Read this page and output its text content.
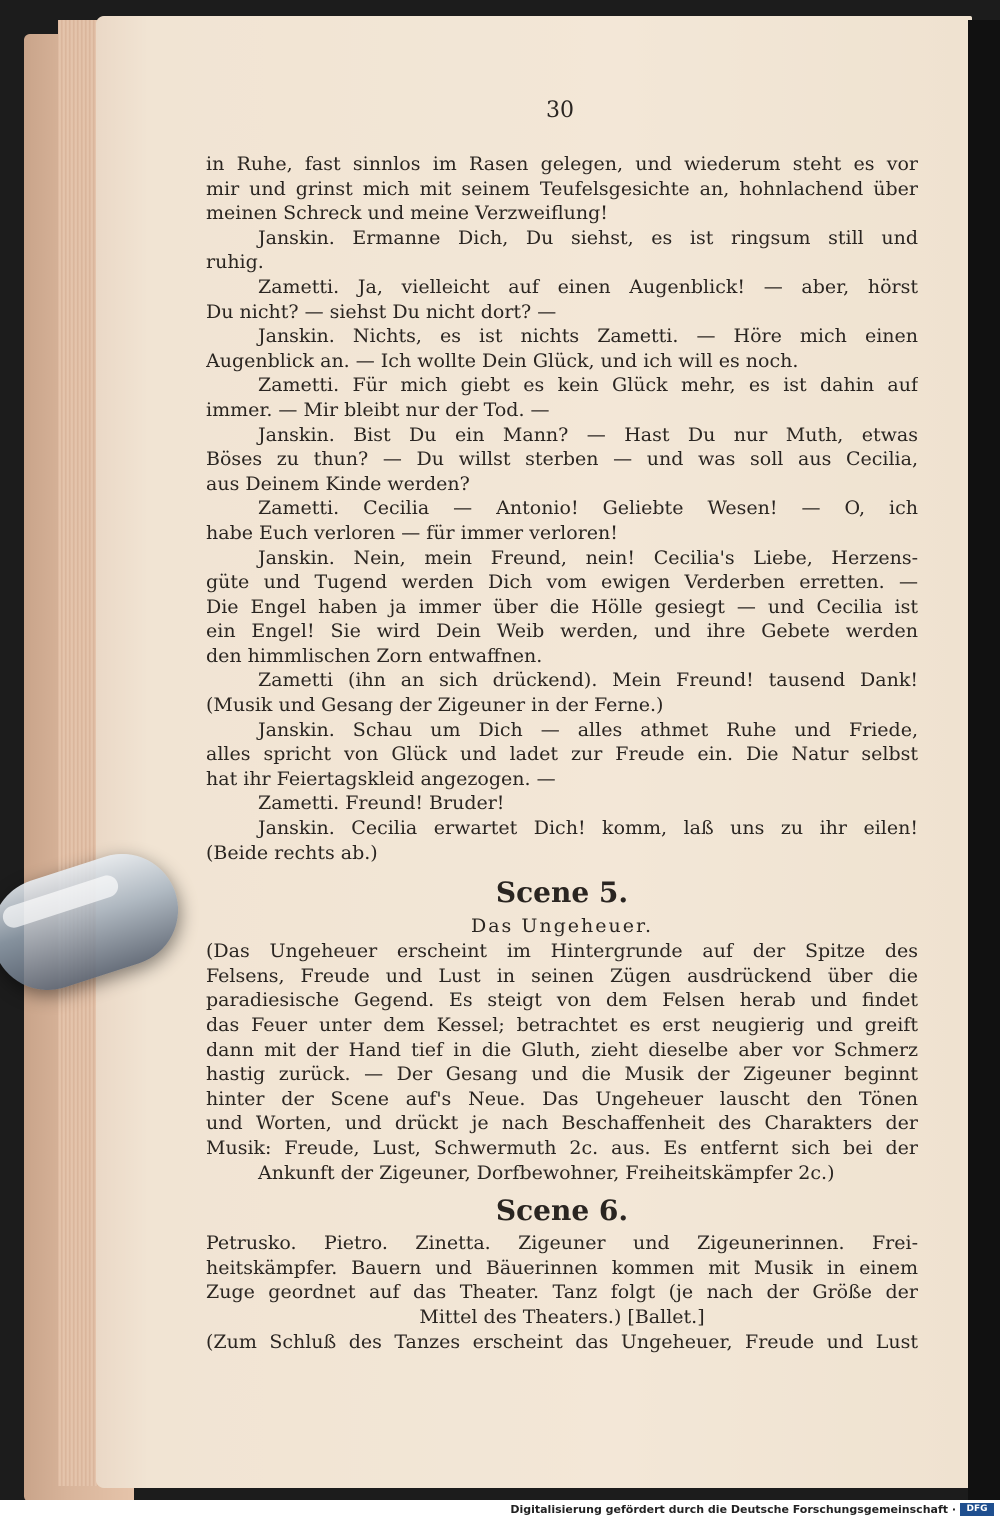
30
in Ruhe, fast sinnlos im Rasen gelegen, und wiederum steht es vor
mir und grinst mich mit seinem Teufelsgesichte an, hohnlachend über
meinen Schreck und meine Verzweiflung!
Janskin. Ermanne Dich, Du siehst, es ist ringsum still und
ruhig.
Zametti. Ja, vielleicht auf einen Augenblick! — aber, hörst
Du nicht? — siehst Du nicht dort? —
Janskin. Nichts, es ist nichts Zametti. — Höre mich einen
Augenblick an. — Ich wollte Dein Glück, und ich will es noch.
Zametti. Für mich giebt es kein Glück mehr, es ist dahin auf
immer. — Mir bleibt nur der Tod. —
Janskin. Bist Du ein Mann? — Hast Du nur Muth, etwas
Böses zu thun? — Du willst sterben — und was soll aus Cecilia,
aus Deinem Kinde werden?
Zametti. Cecilia — Antonio! Geliebte Wesen! — O, ich
habe Euch verloren — für immer verloren!
Janskin. Nein, mein Freund, nein! Cecilia's Liebe, Herzens-
güte und Tugend werden Dich vom ewigen Verderben erretten. —
Die Engel haben ja immer über die Hölle gesiegt — und Cecilia ist
ein Engel! Sie wird Dein Weib werden, und ihre Gebete werden
den himmlischen Zorn entwaffnen.
Zametti (ihn an sich drückend). Mein Freund! tausend Dank!
(Musik und Gesang der Zigeuner in der Ferne.)
Janskin. Schau um Dich — alles athmet Ruhe und Friede,
alles spricht von Glück und ladet zur Freude ein. Die Natur selbst
hat ihr Feiertagskleid angezogen. —
Zametti. Freund! Bruder!
Janskin. Cecilia erwartet Dich! komm, laß uns zu ihr eilen!
(Beide rechts ab.)
Scene 5.
Das Ungeheuer.
(Das Ungeheuer erscheint im Hintergrunde auf der Spitze des
Felsens, Freude und Lust in seinen Zügen ausdrückend über die
paradiesische Gegend. Es steigt von dem Felsen herab und findet
das Feuer unter dem Kessel; betrachtet es erst neugierig und greift
dann mit der Hand tief in die Gluth, zieht dieselbe aber vor Schmerz
hastig zurück. — Der Gesang und die Musik der Zigeuner beginnt
hinter der Scene auf's Neue. Das Ungeheuer lauscht den Tönen
und Worten, und drückt je nach Beschaffenheit des Charakters der
Musik: Freude, Lust, Schwermuth 2c. aus. Es entfernt sich bei der
Ankunft der Zigeuner, Dorfbewohner, Freiheitskämpfer 2c.)
Scene 6.
Petrusko. Pietro. Zinetta. Zigeuner und Zigeunerinnen. Frei-
heitskämpfer. Bauern und Bäuerinnen kommen mit Musik in einem
Zuge geordnet auf das Theater. Tanz folgt (je nach der Größe der
Mittel des Theaters.) [Ballet.]
(Zum Schluß des Tanzes erscheint das Ungeheuer, Freude und Lust
Digitalisierung gefördert durch die Deutsche Forschungsgemeinschaft ·	DFG
